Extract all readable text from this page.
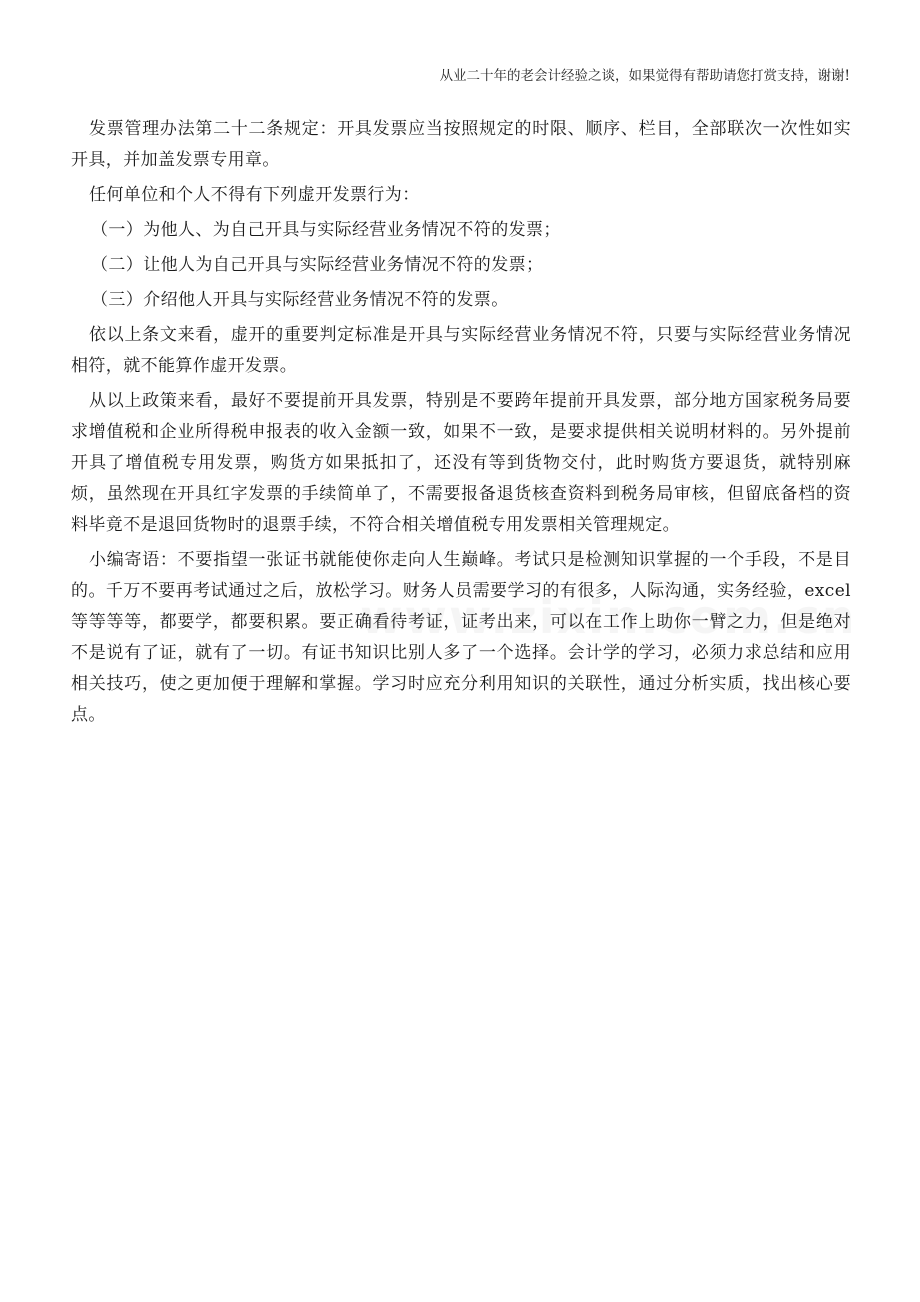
从业二十年的老会计经验之谈，如果觉得有帮助请您打赏支持，谢谢!

发票管理办法第二十二条规定：开具发票应当按照规定的时限、顺序、栏目，全部联次一次性如实开具，并加盖发票专用章。

任何单位和个人不得有下列虚开发票行为：

（一）为他人、为自己开具与实际经营业务情况不符的发票；

（二）让他人为自己开具与实际经营业务情况不符的发票；

（三）介绍他人开具与实际经营业务情况不符的发票。

依以上条文来看，虚开的重要判定标准是开具与实际经营业务情况不符，只要与实际经营业务情况相符，就不能算作虚开发票。

从以上政策来看，最好不要提前开具发票，特别是不要跨年提前开具发票，部分地方国家税务局要求增值税和企业所得税申报表的收入金额一致，如果不一致，是要求提供相关说明材料的。另外提前开具了增值税专用发票，购货方如果抵扣了，还没有等到货物交付，此时购货方要退货，就特别麻烦，虽然现在开具红字发票的手续简单了，不需要报备退货核查资料到税务局审核，但留底备档的资料毕竟不是退回货物时的退票手续，不符合相关增值税专用发票相关管理规定。

小编寄语：不要指望一张证书就能使你走向人生巅峰。考试只是检测知识掌握的一个手段，不是目的。千万不要再考试通过之后，放松学习。财务人员需要学习的有很多，人际沟通，实务经验，excel等等等等，都要学，都要积累。要正确看待考证，证考出来，可以在工作上助你一臂之力，但是绝对不是说有了证，就有了一切。有证书知识比别人多了一个选择。会计学的学习，必须力求总结和应用相关技巧，使之更加便于理解和掌握。学习时应充分利用知识的关联性，通过分析实质，找出核心要点。
